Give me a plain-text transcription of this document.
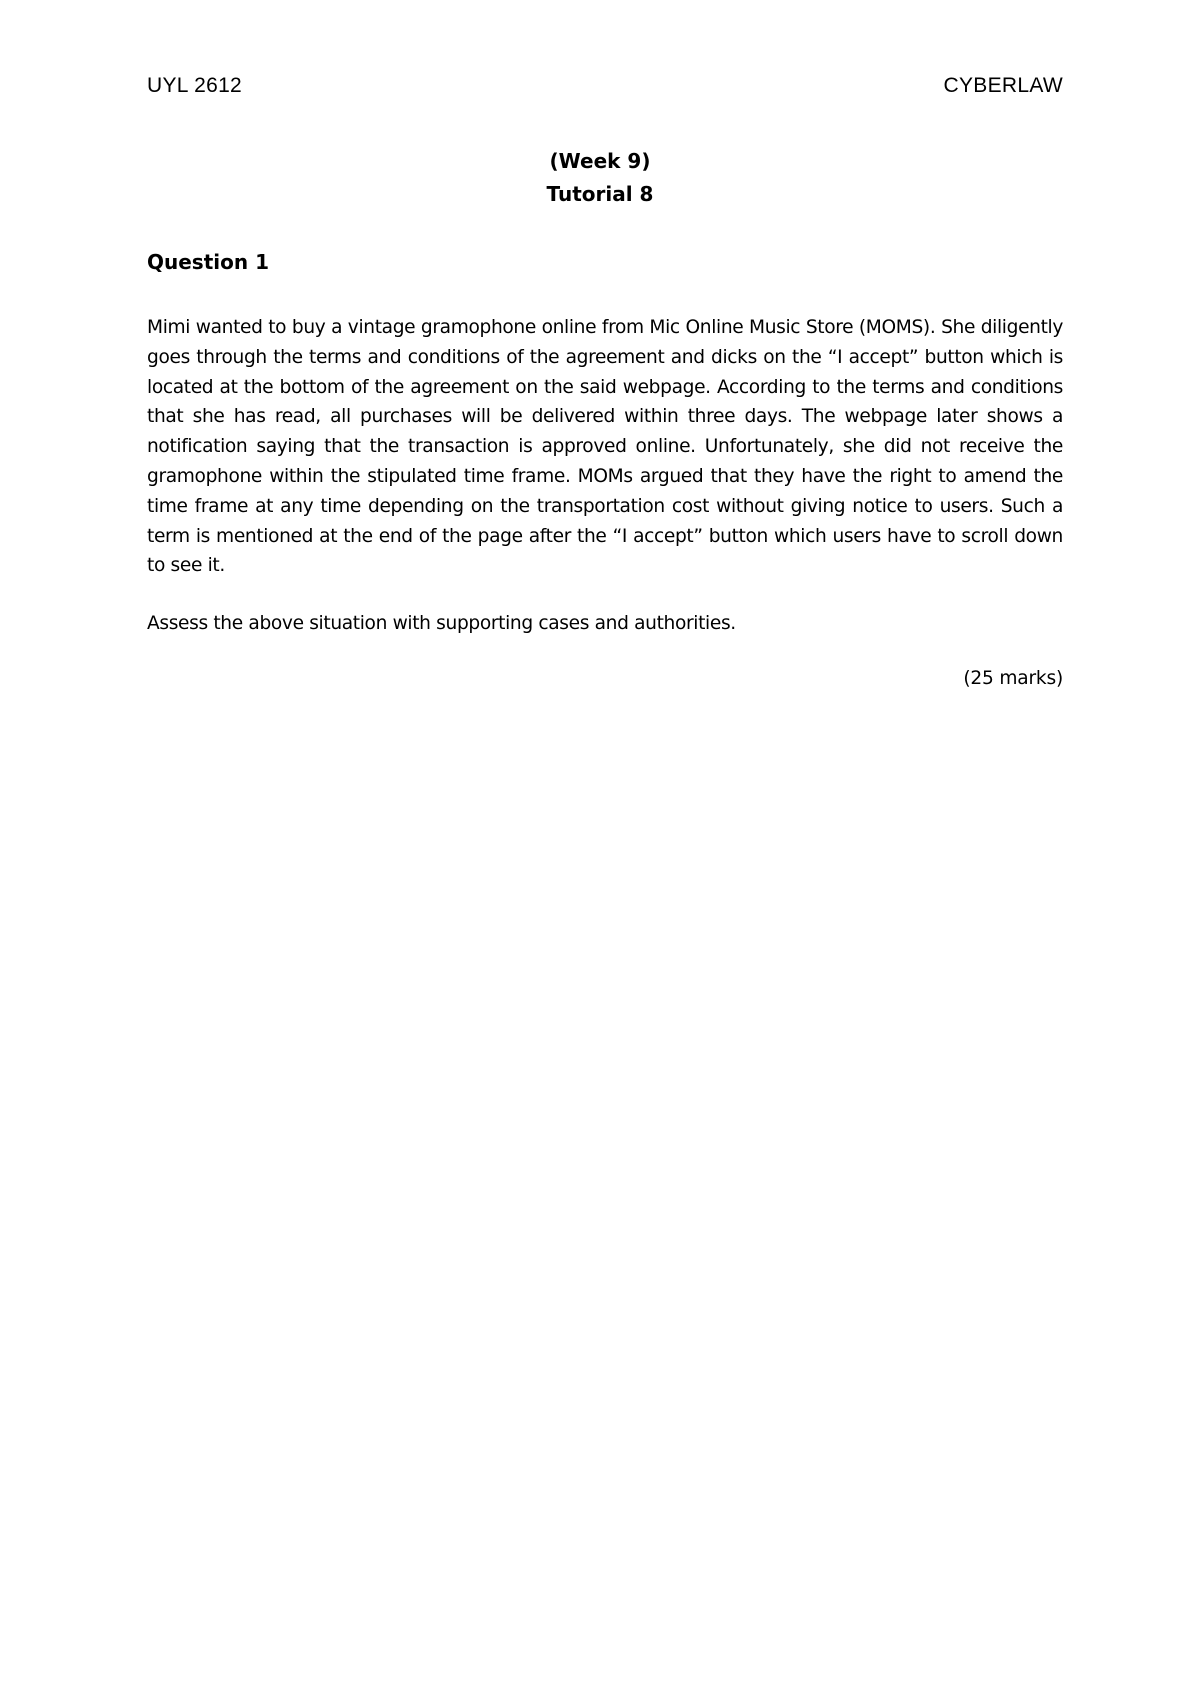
UYL 2612	CYBERLAW
(Week 9)
Tutorial 8
Question 1
Mimi wanted to buy a vintage gramophone online from Mic Online Music Store (MOMS). She diligently goes through the terms and conditions of the agreement and dicks on the “I accept” button which is located at the bottom of the agreement on the said webpage. According to the terms and conditions that she has read, all purchases will be delivered within three days. The webpage later shows a notification saying that the transaction is approved online. Unfortunately, she did not receive the gramophone within the stipulated time frame. MOMs argued that they have the right to amend the time frame at any time depending on the transportation cost without giving notice to users. Such a term is mentioned at the end of the page after the “I accept” button which users have to scroll down to see it.
Assess the above situation with supporting cases and authorities.
(25 marks)
